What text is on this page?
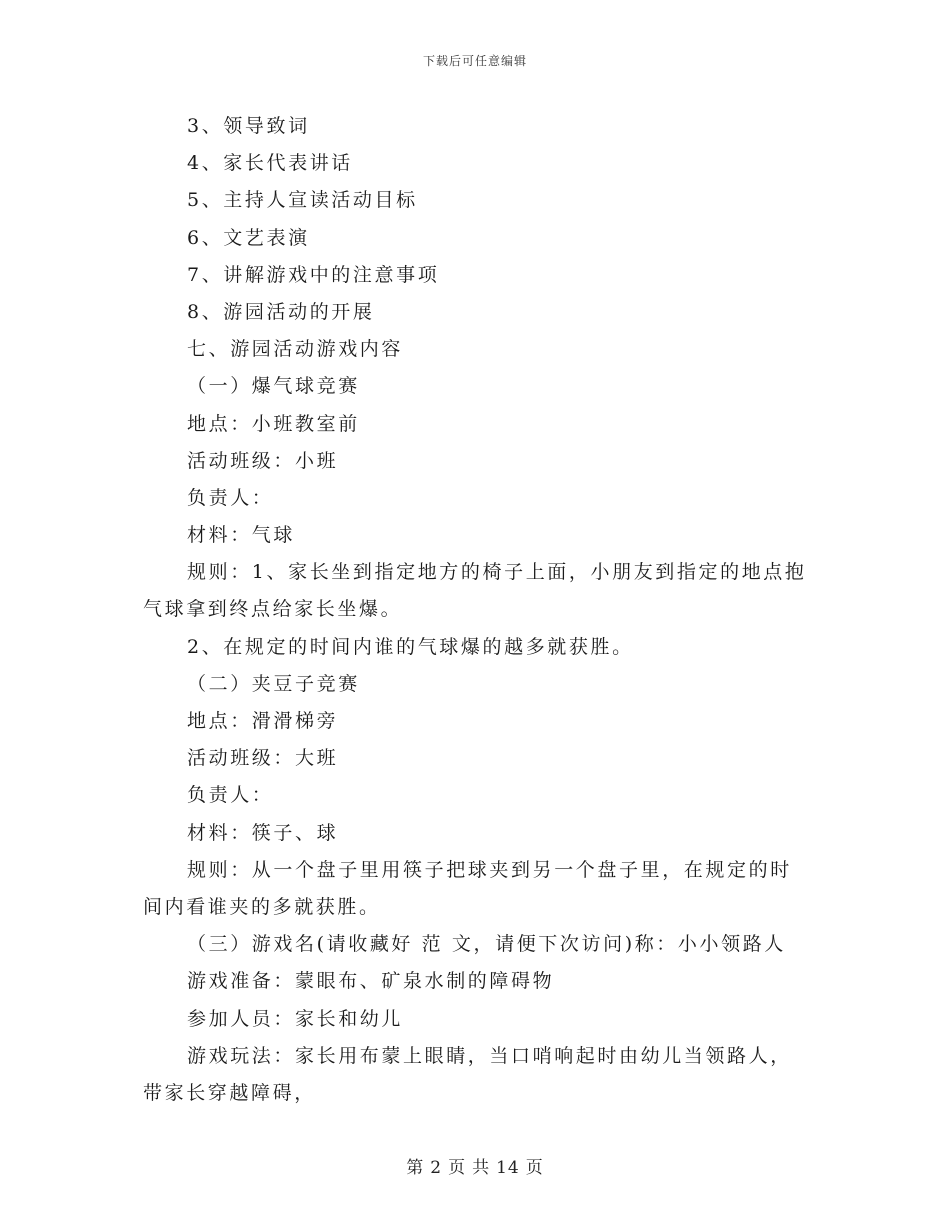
下载后可任意编辑
3、领导致词
4、家长代表讲话
5、主持人宣读活动目标
6、文艺表演
7、讲解游戏中的注意事项
8、游园活动的开展
七、游园活动游戏内容
（一）爆气球竞赛
地点：小班教室前
活动班级：小班
负责人：
材料：气球
规则：1、家长坐到指定地方的椅子上面，小朋友到指定的地点抱
气球拿到终点给家长坐爆。
2、在规定的时间内谁的气球爆的越多就获胜。
（二）夹豆子竞赛
地点：滑滑梯旁
活动班级：大班
负责人：
材料：筷子、球
规则：从一个盘子里用筷子把球夹到另一个盘子里，在规定的时
间内看谁夹的多就获胜。
（三）游戏名(请收藏好 范 文，请便下次访问)称：小小领路人
游戏准备：蒙眼布、矿泉水制的障碍物
参加人员：家长和幼儿
游戏玩法：家长用布蒙上眼睛，当口哨响起时由幼儿当领路人，
带家长穿越障碍，
第 2 页 共 14 页
